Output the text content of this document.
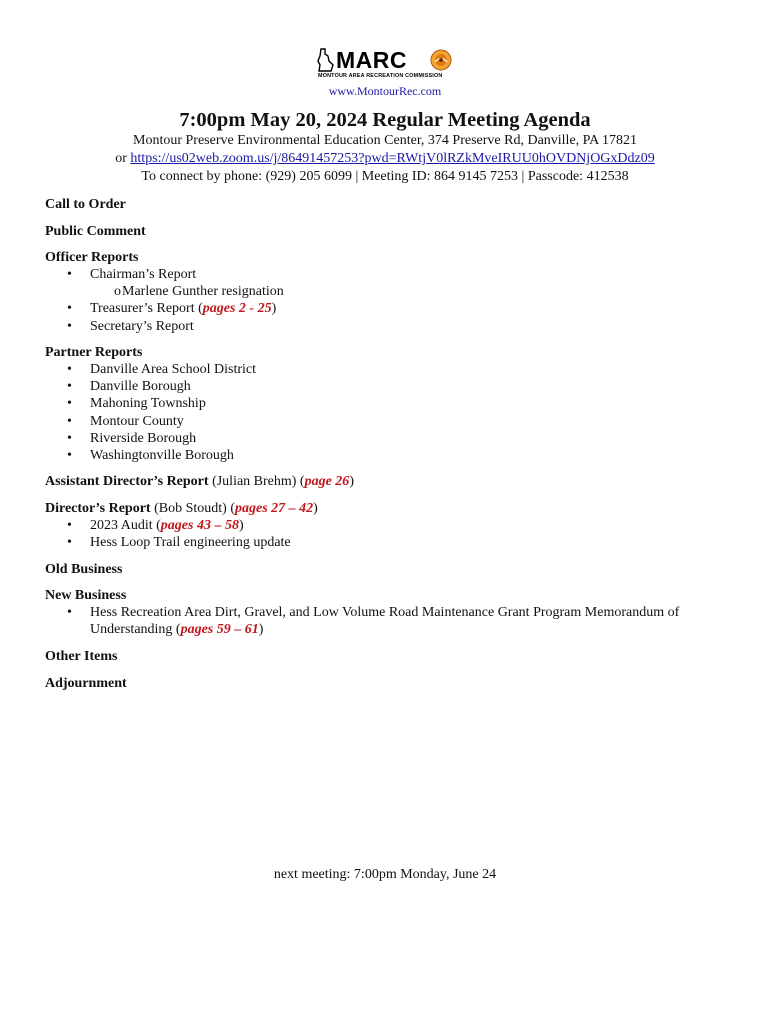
MARC
MONTOUR AREA RECREATION COMMISSION
www.MontourRec.com
7:00pm May 20, 2024 Regular Meeting Agenda
Montour Preserve Environmental Education Center, 374 Preserve Rd, Danville, PA 17821
or https://us02web.zoom.us/j/86491457253?pwd=RWtjV0lRZkMveIRUU0hOVDNjOGxDdz09
To connect by phone: (929) 205 6099 | Meeting ID: 864 9145 7253 | Passcode: 412538
Call to Order
Public Comment
Officer Reports
• Chairman’s Report
o Marlene Gunther resignation
• Treasurer’s Report (pages 2 - 25)
• Secretary’s Report
Partner Reports
• Danville Area School District
• Danville Borough
• Mahoning Township
• Montour County
• Riverside Borough
• Washingtonville Borough
Assistant Director’s Report (Julian Brehm) (page 26)
Director’s Report (Bob Stoudt) (pages 27 – 42)
• 2023 Audit (pages 43 – 58)
• Hess Loop Trail engineering update
Old Business
New Business
• Hess Recreation Area Dirt, Gravel, and Low Volume Road Maintenance Grant Program Memorandum of Understanding (pages 59 – 61)
Other Items
Adjournment
next meeting: 7:00pm Monday, June 24
